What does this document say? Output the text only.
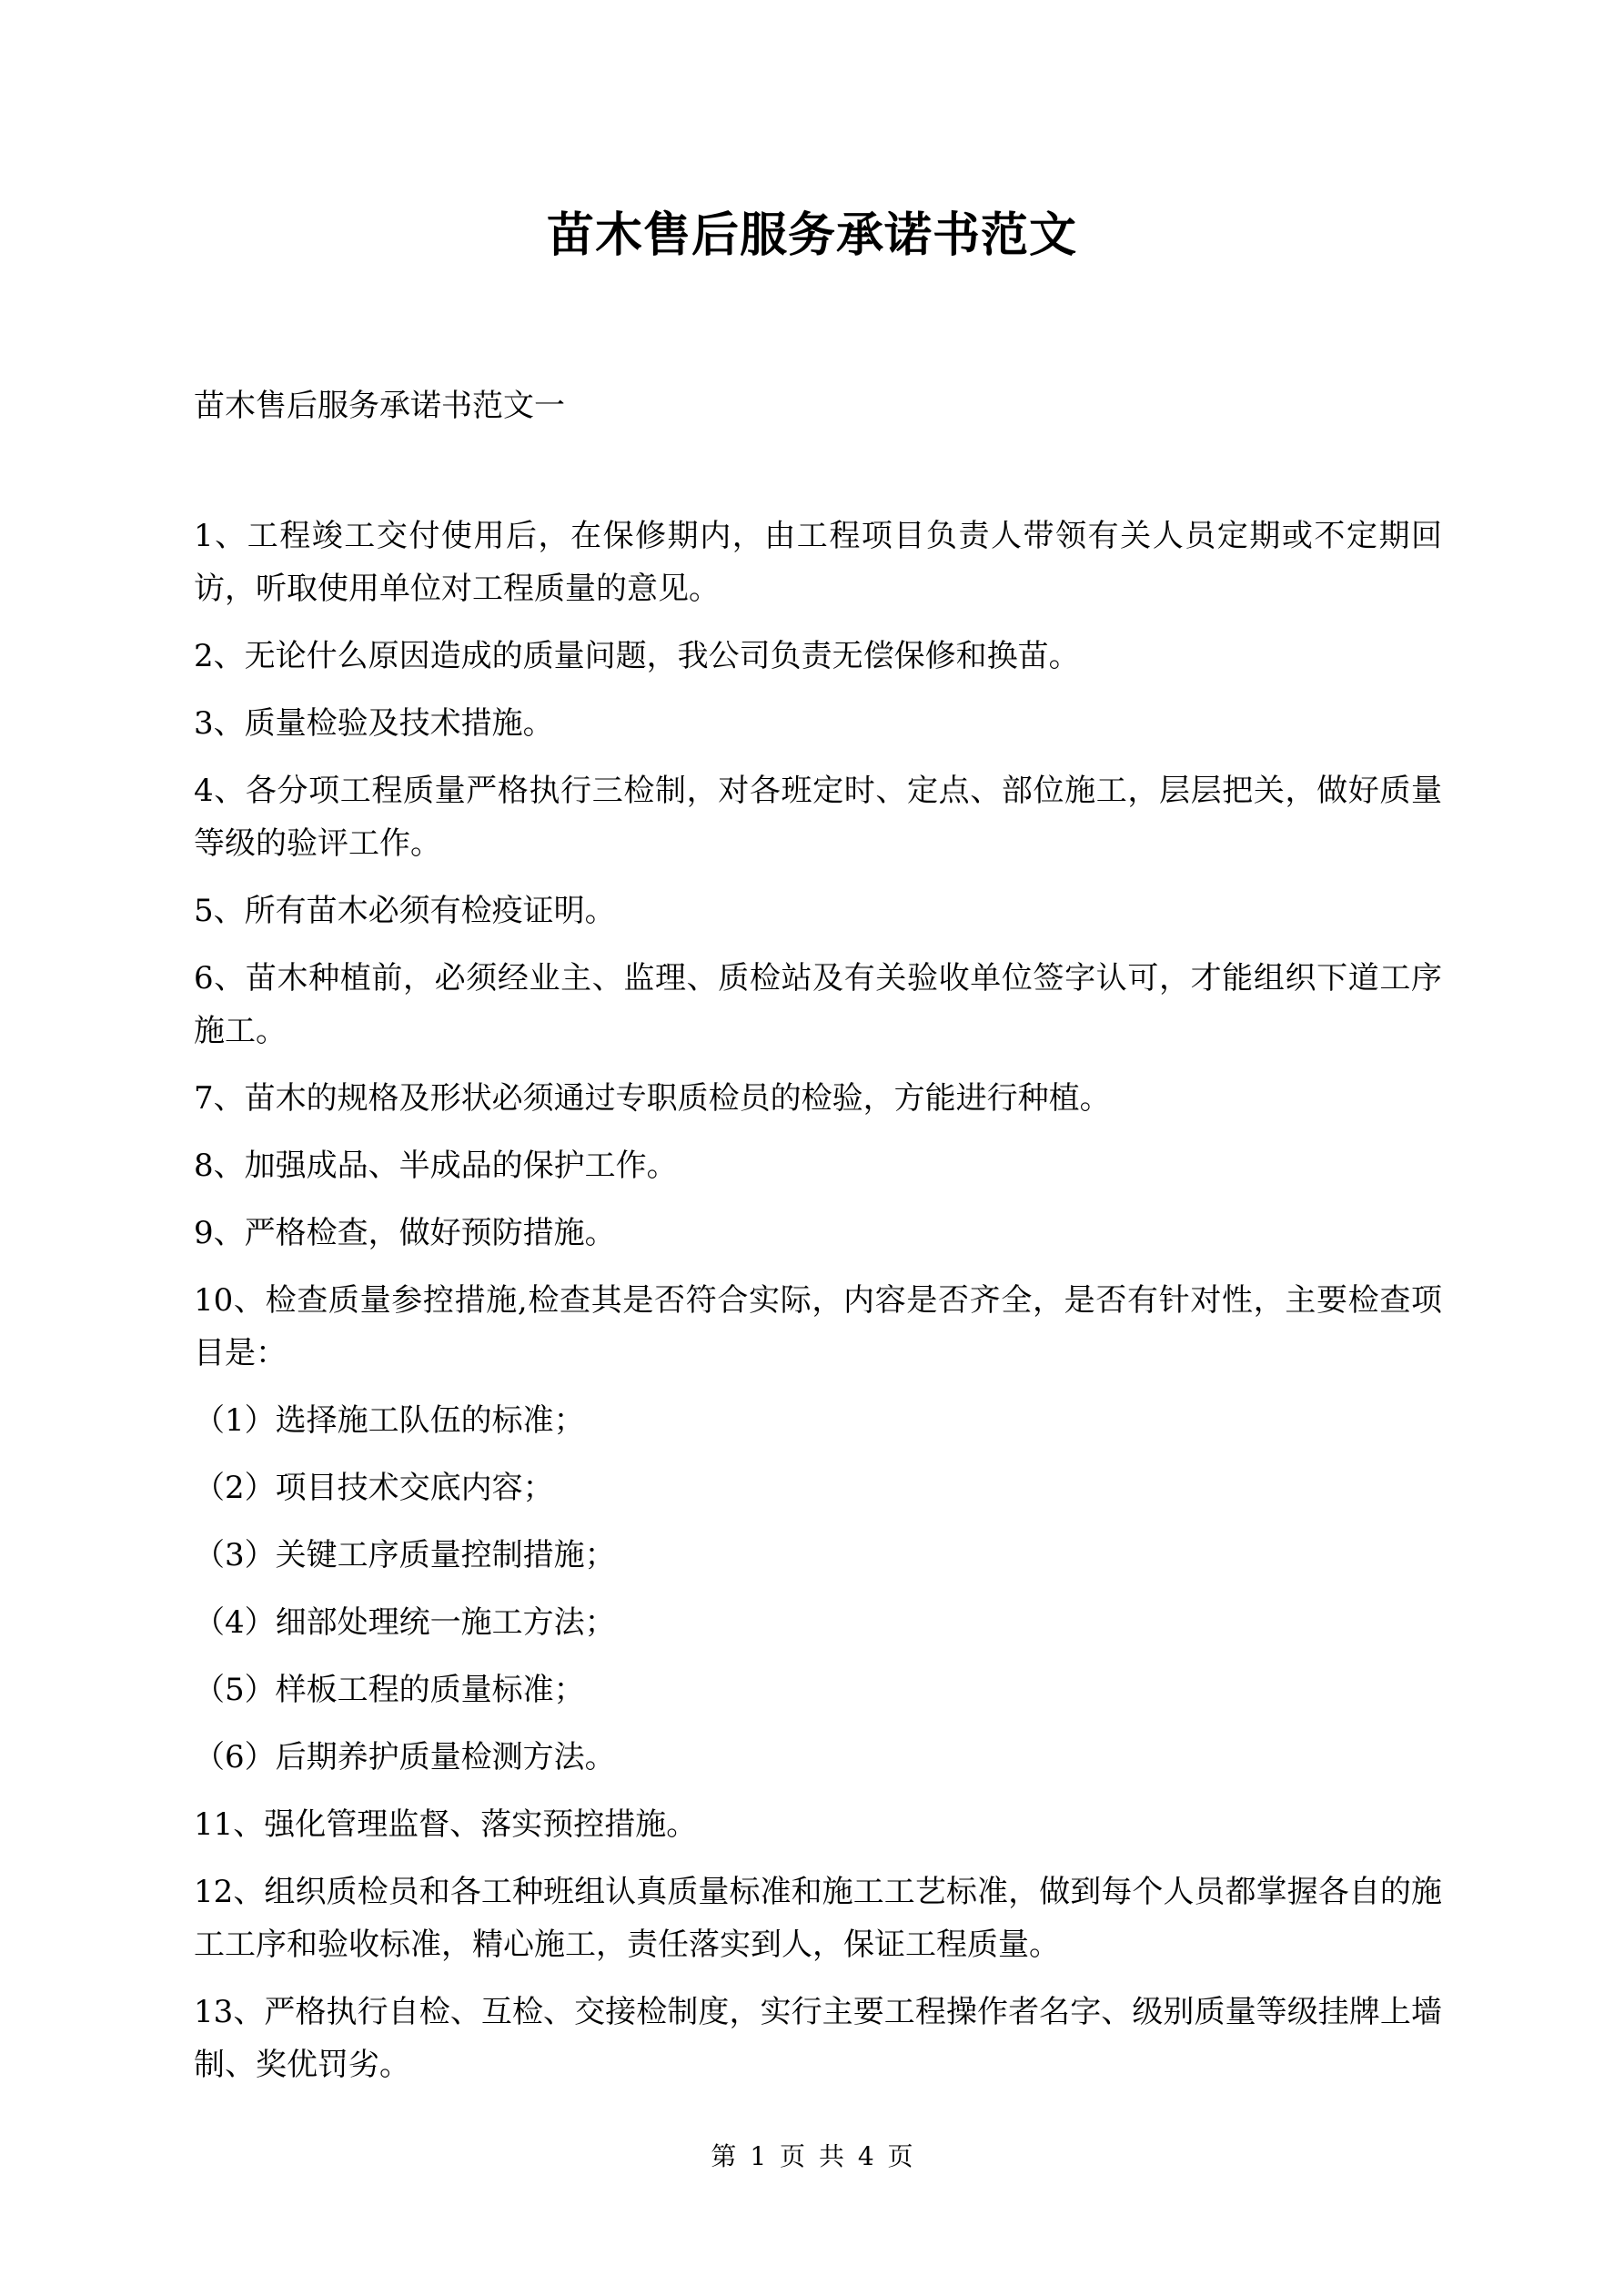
苗木售后服务承诺书范文
苗木售后服务承诺书范文一

1、工程竣工交付使用后，在保修期内，由工程项目负责人带领有关人员定期或不定期回访，听取使用单位对工程质量的意见。

2、无论什么原因造成的质量问题，我公司负责无偿保修和换苗。

3、质量检验及技术措施。

4、各分项工程质量严格执行三检制，对各班定时、定点、部位施工，层层把关，做好质量等级的验评工作。

5、所有苗木必须有检疫证明。

6、苗木种植前，必须经业主、监理、质检站及有关验收单位签字认可，才能组织下道工序施工。

7、苗木的规格及形状必须通过专职质检员的检验，方能进行种植。

8、加强成品、半成品的保护工作。

9、严格检查，做好预防措施。

10、检查质量参控措施,检查其是否符合实际，内容是否齐全，是否有针对性，主要检查项目是：

（1）选择施工队伍的标准；

（2）项目技术交底内容；

（3）关键工序质量控制措施；

（4）细部处理统一施工方法；

（5）样板工程的质量标准；

（6）后期养护质量检测方法。

11、强化管理监督、落实预控措施。

12、组织质检员和各工种班组认真质量标准和施工工艺标准，做到每个人员都掌握各自的施工工序和验收标准，精心施工，责任落实到人，保证工程质量。

13、严格执行自检、互检、交接检制度，实行主要工程操作者名字、级别质量等级挂牌上墙制、奖优罚劣。

第 1 页 共 4 页
